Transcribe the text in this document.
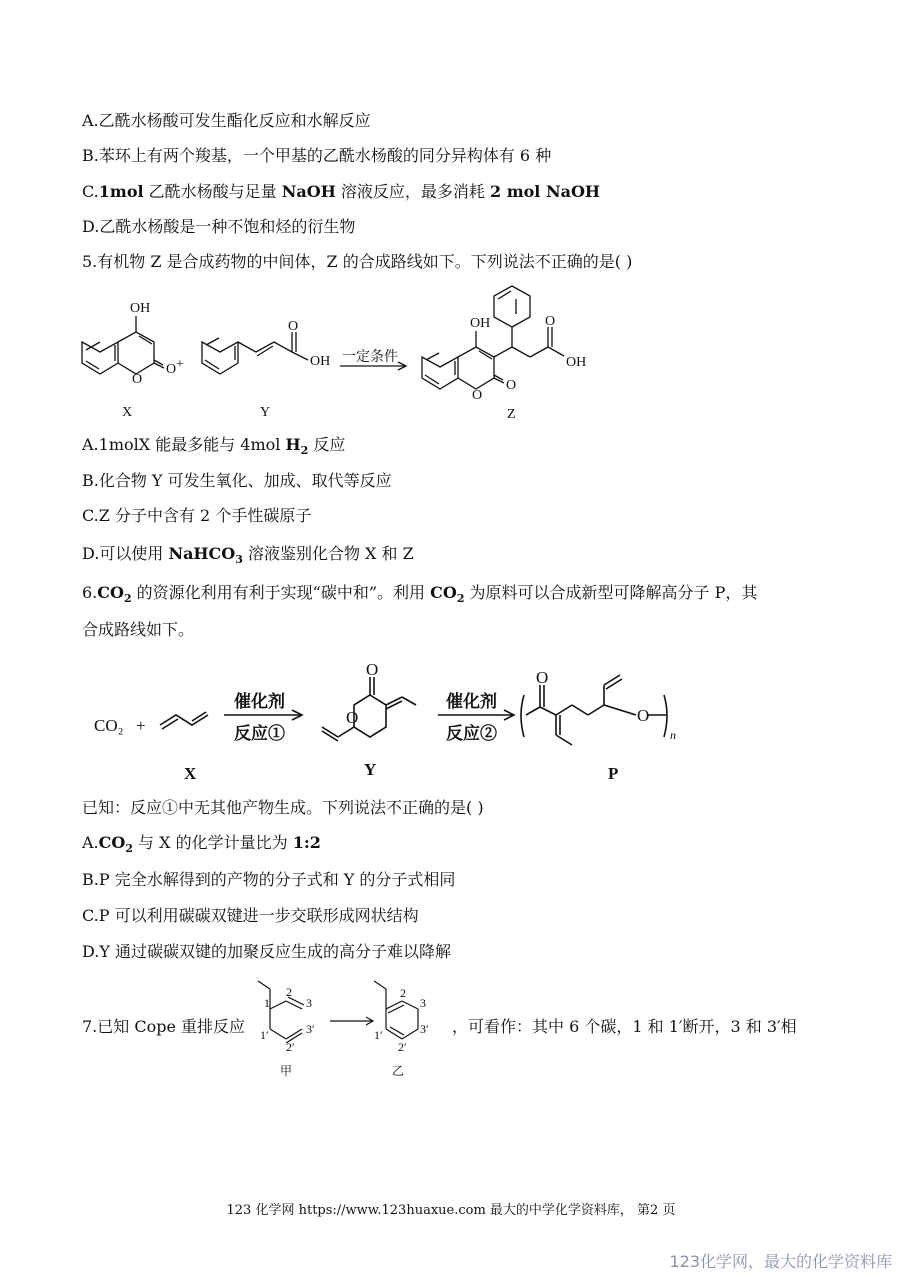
A.乙酰水杨酸可发生酯化反应和水解反应
B.苯环上有两个羧基，一个甲基的乙酰水杨酸的同分异构体有 6 种
C.1mol 乙酰水杨酸与足量 NaOH 溶液反应，最多消耗 2 mol NaOH
D.乙酰水杨酸是一种不饱和烃的衍生物
5.有机物 Z 是合成药物的中间体，Z 的合成路线如下。下列说法不正确的是( )
OH
O
O +
O
OH 一定条件
OH
O
O
O
OH
X	Y	Z
A.1molX 能最多能与 4mol $H_2$ 反应
B.化合物 Y 可发生氧化、加成、取代等反应
C.Z 分子中含有 2 个手性碳原子
D.可以使用 NaHCO$_3$ 溶液鉴别化合物 X 和 Z
$6.CO_2$ 的资源化利用有利于实现“碳中和”。利用 $CO_2$ 为原料可以合成新型可降解高分子 P，其
合成路线如下。
CO₂ +
催化剂
反应①
O
O
催化剂
反应②
O
O
n
X	Y	P
已知：反应①中无其他产物生成。下列说法不正确的是( )
$A.CO_2$ 与 X 的化学计量比为 1:2
B.P 完全水解得到的产物的分子式和 Y 的分子式相同
C.P 可以利用碳碳双键进一步交联形成网状结构
D.Y 通过碳碳双键的加聚反应生成的高分子难以降解
7.已知 Cope 重排反应
1
2
3
1′
2′
3′
甲
2
3
1′
2′
3′
乙
，可看作：其中 6 个碳，1 和 1′断开，3 和 3′相
123 化学网 https://www.123huaxue.com 最大的中学化学资料库， 第2 页
123化学网，最大的化学资料库
